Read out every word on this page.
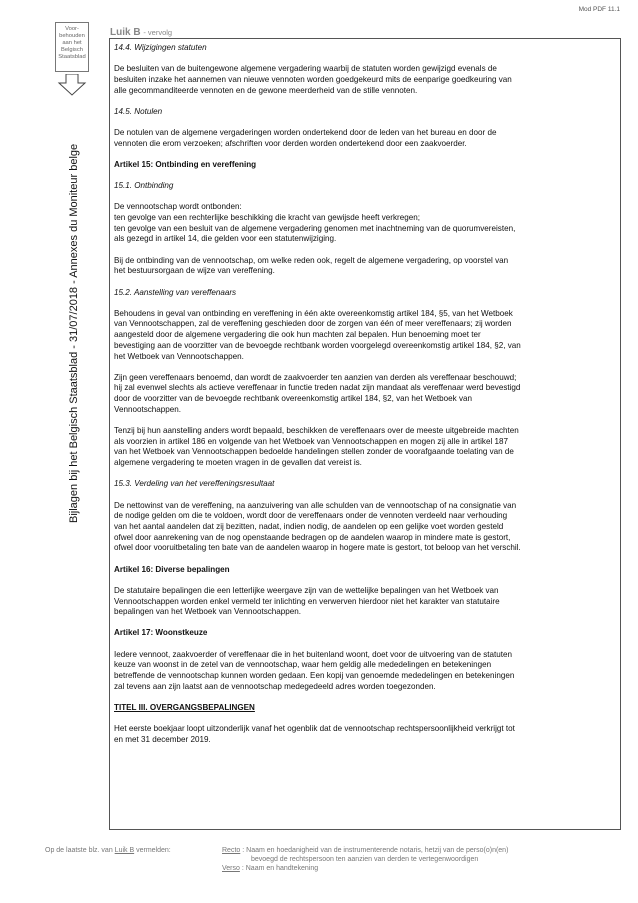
Mod PDF 11.1
Voor-
behouden
aan het
Belgisch
Staatsblad
Luik B - vervolg
Bijlagen bij het Belgisch Staatsblad - 31/07/2018 - Annexes du Moniteur belge

14.4. Wijzigingen statuten

De besluiten van de buitengewone algemene vergadering waarbij de statuten worden gewijzigd evenals de
besluiten inzake het aannemen van nieuwe vennoten worden goedgekeurd mits de eenparige goedkeuring van
alle gecommanditeerde vennoten en de gewone meerderheid van de stille vennoten.

14.5. Notulen

De notulen van de algemene vergaderingen worden ondertekend door de leden van het bureau en door de
vennoten die erom verzoeken; afschriften voor derden worden ondertekend door een zaakvoerder.

Artikel 15: Ontbinding en vereffening

15.1. Ontbinding

De vennootschap wordt ontbonden:
ten gevolge van een rechterlijke beschikking die kracht van gewijsde heeft verkregen;
ten gevolge van een besluit van de algemene vergadering genomen met inachtneming van de quorumvereisten,
als gezegd in artikel 14, die gelden voor een statutenwijziging.

Bij de ontbinding van de vennootschap, om welke reden ook, regelt de algemene vergadering, op voorstel van
het bestuursorgaan de wijze van vereffening.

15.2. Aanstelling van vereffenaars

Behoudens in geval van ontbinding en vereffening in één akte overeenkomstig artikel 184, §5, van het Wetboek
van Vennootschappen, zal de vereffening geschieden door de zorgen van één of meer vereffenaars; zij worden
aangesteld door de algemene vergadering die ook hun machten zal bepalen. Hun benoeming moet ter
bevestiging aan de voorzitter van de bevoegde rechtbank worden voorgelegd overeenkomstig artikel 184, §2, van
het Wetboek van Vennootschappen.

Zijn geen vereffenaars benoemd, dan wordt de zaakvoerder ten aanzien van derden als vereffenaar beschouwd;
hij zal evenwel slechts als actieve vereffenaar in functie treden nadat zijn mandaat als vereffenaar werd bevestigd
door de voorzitter van de bevoegde rechtbank overeenkomstig artikel 184, §2, van het Wetboek van
Vennootschappen.

Tenzij bij hun aanstelling anders wordt bepaald, beschikken de vereffenaars over de meeste uitgebreide machten
als voorzien in artikel 186 en volgende van het Wetboek van Vennootschappen en mogen zij alle in artikel 187
van het Wetboek van Vennootschappen bedoelde handelingen stellen zonder de voorafgaande toelating van de
algemene vergadering te moeten vragen in de gevallen dat vereist is.

15.3. Verdeling van het vereffeningsresultaat

De nettowinst van de vereffening, na aanzuivering van alle schulden van de vennootschap of na consignatie van
de nodige gelden om die te voldoen, wordt door de vereffenaars onder de vennoten verdeeld naar verhouding
van het aantal aandelen dat zij bezitten, nadat, indien nodig, de aandelen op een gelijke voet worden gesteld
ofwel door aanrekening van de nog openstaande bedragen op de aandelen waarop in mindere mate is gestort,
ofwel door vooruitbetaling ten bate van de aandelen waarop in hogere mate is gestort, tot beloop van het verschil.

Artikel 16: Diverse bepalingen

De statutaire bepalingen die een letterlijke weergave zijn van de wettelijke bepalingen van het Wetboek van
Vennootschappen worden enkel vermeld ter inlichting en verwerven hierdoor niet het karakter van statutaire
bepalingen van het Wetboek van Vennootschappen.

Artikel 17: Woonstkeuze

Iedere vennoot, zaakvoerder of vereffenaar die in het buitenland woont, doet voor de uitvoering van de statuten
keuze van woonst in de zetel van de vennootschap, waar hem geldig alle mededelingen en betekeningen
betreffende de vennootschap kunnen worden gedaan. Een kopij van genoemde mededelingen en betekeningen
zal tevens aan zijn laatst aan de vennootschap medegedeeld adres worden toegezonden.

TITEL III. OVERGANGSBEPALINGEN

Het eerste boekjaar loopt uitzonderlijk vanaf het ogenblik dat de vennootschap rechtspersoonlijkheid verkrijgt tot
en met 31 december 2019.

Op de laatste blz. van Luik B vermelden:	Recto : Naam en hoedanigheid van de instrumenterende notaris, hetzij van de perso(o)n(en)
bevoegd de rechtspersoon ten aanzien van derden te vertegenwoordigen
Verso : Naam en handtekening
